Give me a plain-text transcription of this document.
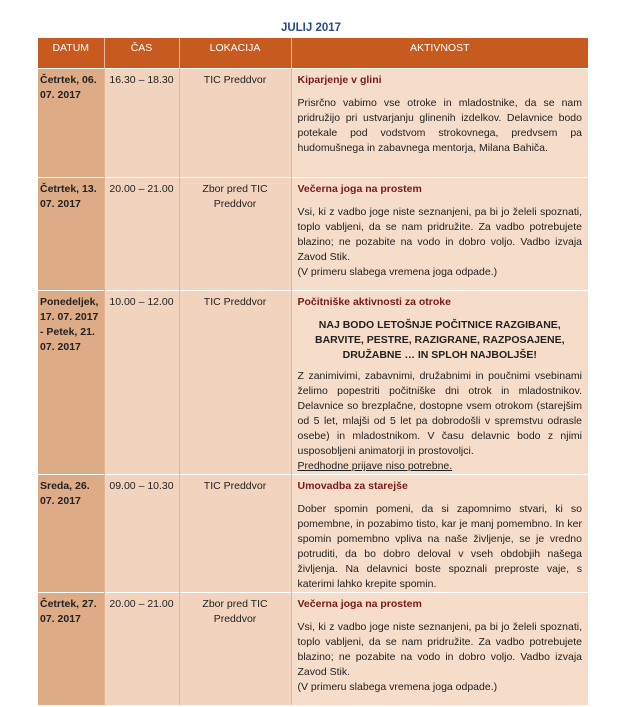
JULIJ 2017
DATUM	ČAS	LOKACIJA	AKTIVNOST
Četrtek, 06. 07. 2017	16.30 – 18.30	TIC Preddvor	Kiparjenje v glini
Prisrčno vabimo vse otroke in mladostnike, da se nam pridružijo pri ustvarjanju glinenih izdelkov. Delavnice bodo potekale pod vodstvom strokovnega, predvsem pa hudomušnega in zabavnega mentorja, Milana Bahiča.

Četrtek, 13. 07. 2017	20.00 – 21.00	Zbor pred TIC Preddvor	Večerna joga na prostem
Vsi, ki z vadbo joge niste seznanjeni, pa bi jo želeli spoznati, toplo vabljeni, da se nam pridružite. Za vadbo potrebujete blazino; ne pozabite na vodo in dobro voljo. Vadbo izvaja Zavod Stik.
(V primeru slabega vremena joga odpade.)

Ponedeljek, 17. 07. 2017 - Petek, 21. 07. 2017	10.00 – 12.00	TIC Preddvor	Počitniške aktivnosti za otroke
NAJ BODO LETOŠNJE POČITNICE RAZGIBANE, BARVITE, PESTRE, RAZIGRANE, RAZPOSAJENE, DRUŽABNE … IN SPLOH NAJBOLJŠE!
Z zanimivimi, zabavnimi, družabnimi in poučnimi vsebinami želimo popestriti počitniške dni otrok in mladostnikov. Delavnice so brezplačne, dostopne vsem otrokom (starejšim od 5 let, mlajši od 5 let pa dobrodošli v spremstvu odrasle osebe) in mladostnikom. V času delavnic bodo z njimi usposobljeni animatorji in prostovoljci.
Predhodne prijave niso potrebne.

Sreda, 26. 07. 2017	09.00 – 10.30	TIC Preddvor	Umovadba za starejše
Dober spomin pomeni, da si zapomnimo stvari, ki so pomembne, in pozabimo tisto, kar je manj pomembno. In ker spomin pomembno vpliva na naše življenje, se je vredno potruditi, da bo dobro deloval v vseh obdobjih našega življenja. Na delavnici boste spoznali preproste vaje, s katerimi lahko krepite spomin.

Četrtek, 27. 07. 2017	20.00 – 21.00	Zbor pred TIC Preddvor	Večerna joga na prostem
Vsi, ki z vadbo joge niste seznanjeni, pa bi jo želeli spoznati, toplo vabljeni, da se nam pridružite. Za vadbo potrebujete blazino; ne pozabite na vodo in dobro voljo. Vadbo izvaja Zavod Stik.
(V primeru slabega vremena joga odpade.)
